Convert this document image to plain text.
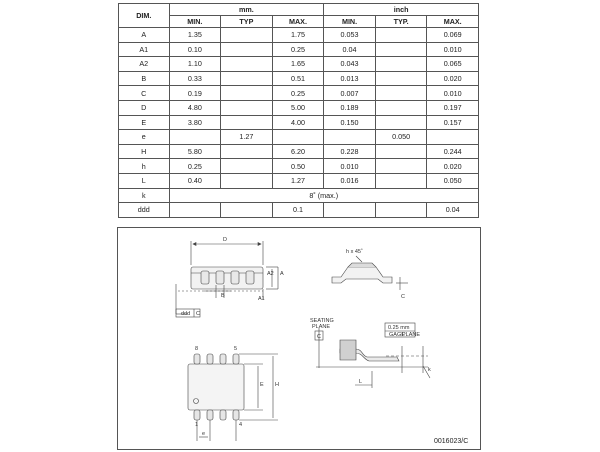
DIM.	mm.			inch		
	MIN.	TYP	MAX.	MIN.	TYP.	MAX.
A	1.35		1.75	0.053		0.069
A1	0.10		0.25	0.04		0.010
A2	1.10		1.65	0.043		0.065
B	0.33		0.51	0.013		0.020
C	0.19		0.25	0.007		0.010
D	4.80		5.00	0.189		0.197
E	3.80		4.00	0.150		0.157
e		1.27			0.050	
H	5.80		6.20	0.228		0.244
h	0.25		0.50	0.010		0.020
L	0.40		1.27	0.016		0.050
k	8˚ (max.)					
ddd			0.1			0.04
D
A2 A
B	A1
ddd C
h x 45˚
C
SEATING
PLANE
C
0.25 mm
GAGE
PLANE
k
L
8	5
1	4
E H
e
0016023/C
